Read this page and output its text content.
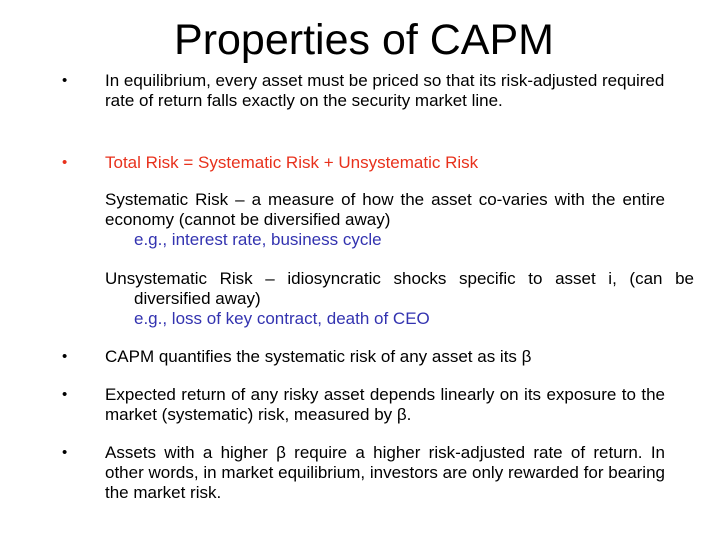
Properties of CAPM
• In equilibrium, every asset must be priced so that its risk-adjusted required rate of return falls exactly on the security market line.
• Total Risk = Systematic Risk + Unsystematic Risk
Systematic Risk – a measure of how the asset co-varies with the entire economy (cannot be diversified away)
e.g., interest rate, business cycle
Unsystematic Risk – idiosyncratic shocks specific to asset i, (can be diversified away)
e.g., loss of key contract, death of CEO
• CAPM quantifies the systematic risk of any asset as its β
• Expected return of any risky asset depends linearly on its exposure to the market (systematic) risk, measured by β.
• Assets with a higher β require a higher risk-adjusted rate of return. In other words, in market equilibrium, investors are only rewarded for bearing the market risk.
